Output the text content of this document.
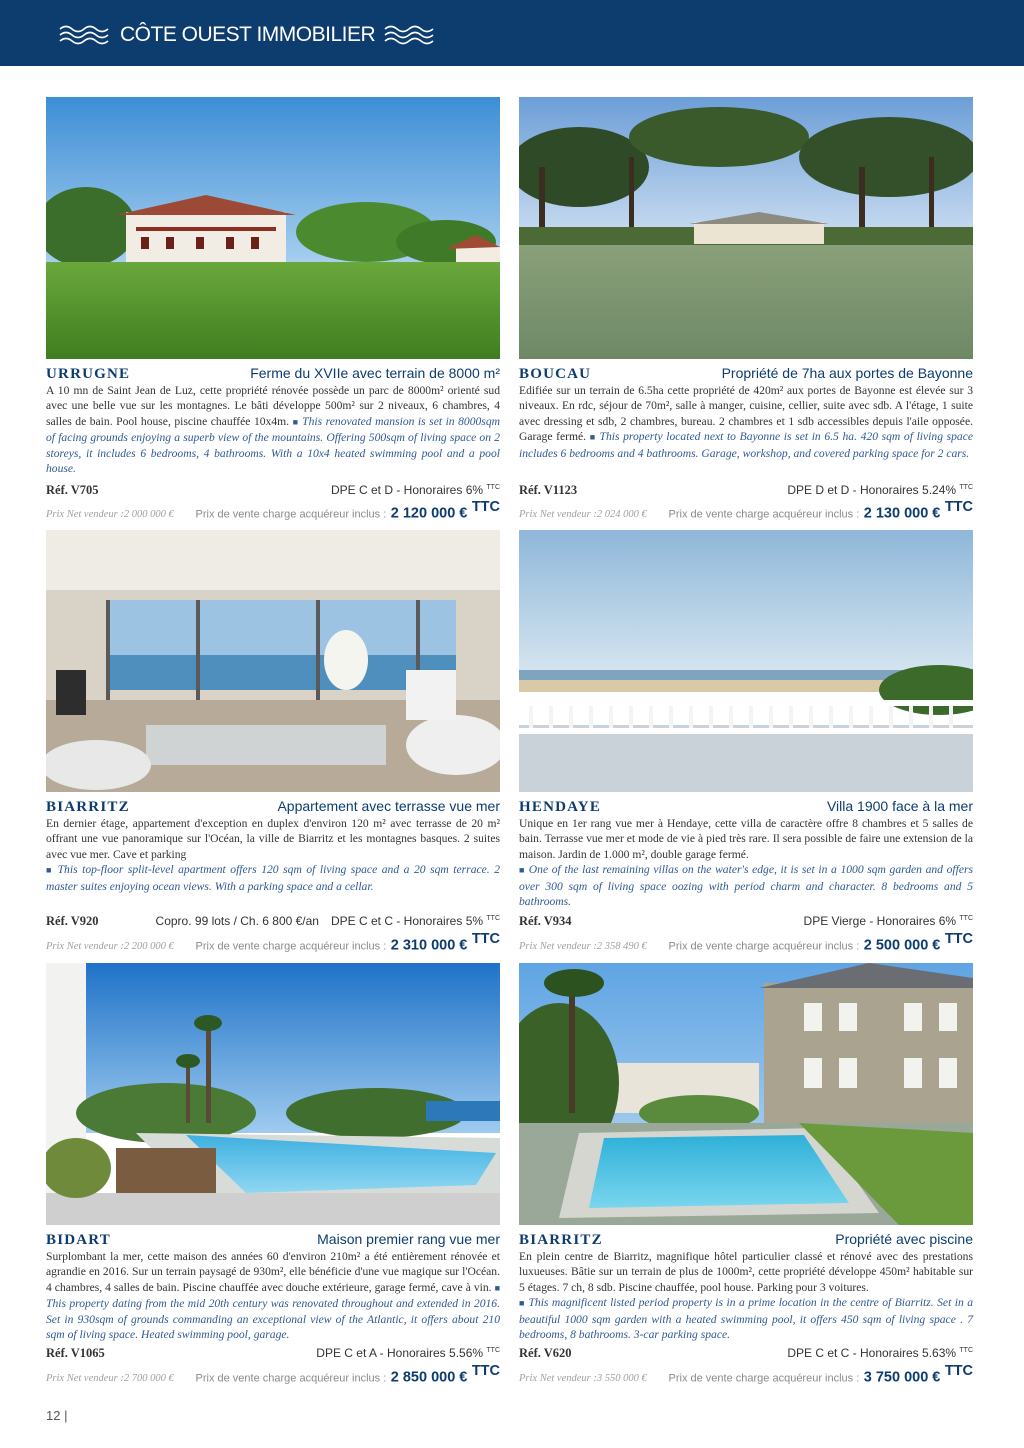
CÔTE OUEST IMMOBILIER
URRUGNE	Ferme du XVIIe avec terrain de 8000 m²

A 10 mn de Saint Jean de Luz, cette propriété rénovée possède un parc de 8000m² orienté sud avec une belle vue sur les montagnes. Le bâti développe 500m² sur 2 niveaux, 6 chambres, 4 salles de bain. Pool house, piscine chauffée 10x4m. ■ This renovated mansion is set in 8000sqm of facing grounds enjoying a superb view of the mountains. Offering 500sqm of living space on 2 storeys, it includes 6 bedrooms, 4 bathrooms. With a 10x4 heated swimming pool and a pool house.

Réf. V705	DPE C et D - Honoraires 6% $^{TTC}$
Prix Net vendeur :2 000 000 € Prix de vente charge acquéreur inclus : 2 120 000 € $^{TTC}$
BOUCAU	Propriété de 7ha aux portes de Bayonne

Edifiée sur un terrain de 6.5ha cette propriété de 420m² aux portes de Bayonne est élevée sur 3 niveaux. En rdc, séjour de 70m², salle à manger, cuisine, cellier, suite avec sdb. A l'étage, 1 suite avec dressing et sdb, 2 chambres, bureau. 2 chambres et 1 sdb accessibles depuis l'aile opposée. Garage fermé. ■ This property located next to Bayonne is set in 6.5 ha. 420 sqm of living space includes 6 bedrooms and 4 bathrooms. Garage, workshop, and covered parking space for 2 cars.

Réf. V1123	DPE D et D - Honoraires 5.24% $^{TTC}$
Prix Net vendeur :2 024 000 € Prix de vente charge acquéreur inclus : 2 130 000 € $^{TTC}$
BIARRITZ	Appartement avec terrasse vue mer

En dernier étage, appartement d'exception en duplex d'environ 120 m² avec terrasse de 20 m² offrant une vue panoramique sur l'Océan, la ville de Biarritz et les montagnes basques. 2 suites avec vue mer. Cave et parking
■ This top-floor split-level apartment offers 120 sqm of living space and a 20 sqm terrace. 2 master suites enjoying ocean views. With a parking space and a cellar.

Réf. V920	Copro. 99 lots / Ch. 6 800 €/an DPE C et C - Honoraires 5% $^{TTC}$
Prix Net vendeur :2 200 000 € Prix de vente charge acquéreur inclus : 2 310 000 € $^{TTC}$
HENDAYE	Villa 1900 face à la mer

Unique en 1er rang vue mer à Hendaye, cette villa de caractère offre 8 chambres et 5 salles de bain. Terrasse vue mer et mode de vie à pied très rare. Il sera possible de faire une extension de la maison. Jardin de 1.000 m², double garage fermé.
■ One of the last remaining villas on the water's edge, it is set in a 1000 sqm garden and offers over 300 sqm of living space oozing with period charm and character. 8 bedrooms and 5 bathrooms.

Réf. V934	DPE Vierge - Honoraires 6% $^{TTC}$
Prix Net vendeur :2 358 490 € Prix de vente charge acquéreur inclus : 2 500 000 € $^{TTC}$
BIDART	Maison premier rang vue mer

Surplombant la mer, cette maison des années 60 d'environ 210m² a été entièrement rénovée et agrandie en 2016. Sur un terrain paysagé de 930m², elle bénéficie d'une vue magique sur l'Océan. 4 chambres, 4 salles de bain. Piscine chauffée avec douche extérieure, garage fermé, cave à vin. ■ This property dating from the mid 20th century was renovated throughout and extended in 2016. Set in 930sqm of grounds commanding an exceptional view of the Atlantic, it offers about 210 sqm of living space. Heated swimming pool, garage.

Réf. V1065	DPE C et A - Honoraires 5.56% $^{TTC}$
Prix Net vendeur :2 700 000 € Prix de vente charge acquéreur inclus : 2 850 000 € $^{TTC}$
BIARRITZ	Propriété avec piscine

En plein centre de Biarritz, magnifique hôtel particulier classé et rénové avec des prestations luxueuses. Bâtie sur un terrain de plus de 1000m², cette propriété développe 450m² habitable sur 5 étages. 7 ch, 8 sdb. Piscine chauffée, pool house. Parking pour 3 voitures.
■ This magnificent listed period property is in a prime location in the centre of Biarritz. Set in a beautiful 1000 sqm garden with a heated swimming pool, it offers 450 sqm of living space . 7 bedrooms, 8 bathrooms. 3-car parking space.

Réf. V620	DPE C et C - Honoraires 5.63% $^{TTC}$
Prix Net vendeur :3 550 000 € Prix de vente charge acquéreur inclus : 3 750 000 € $^{TTC}$
12 |
